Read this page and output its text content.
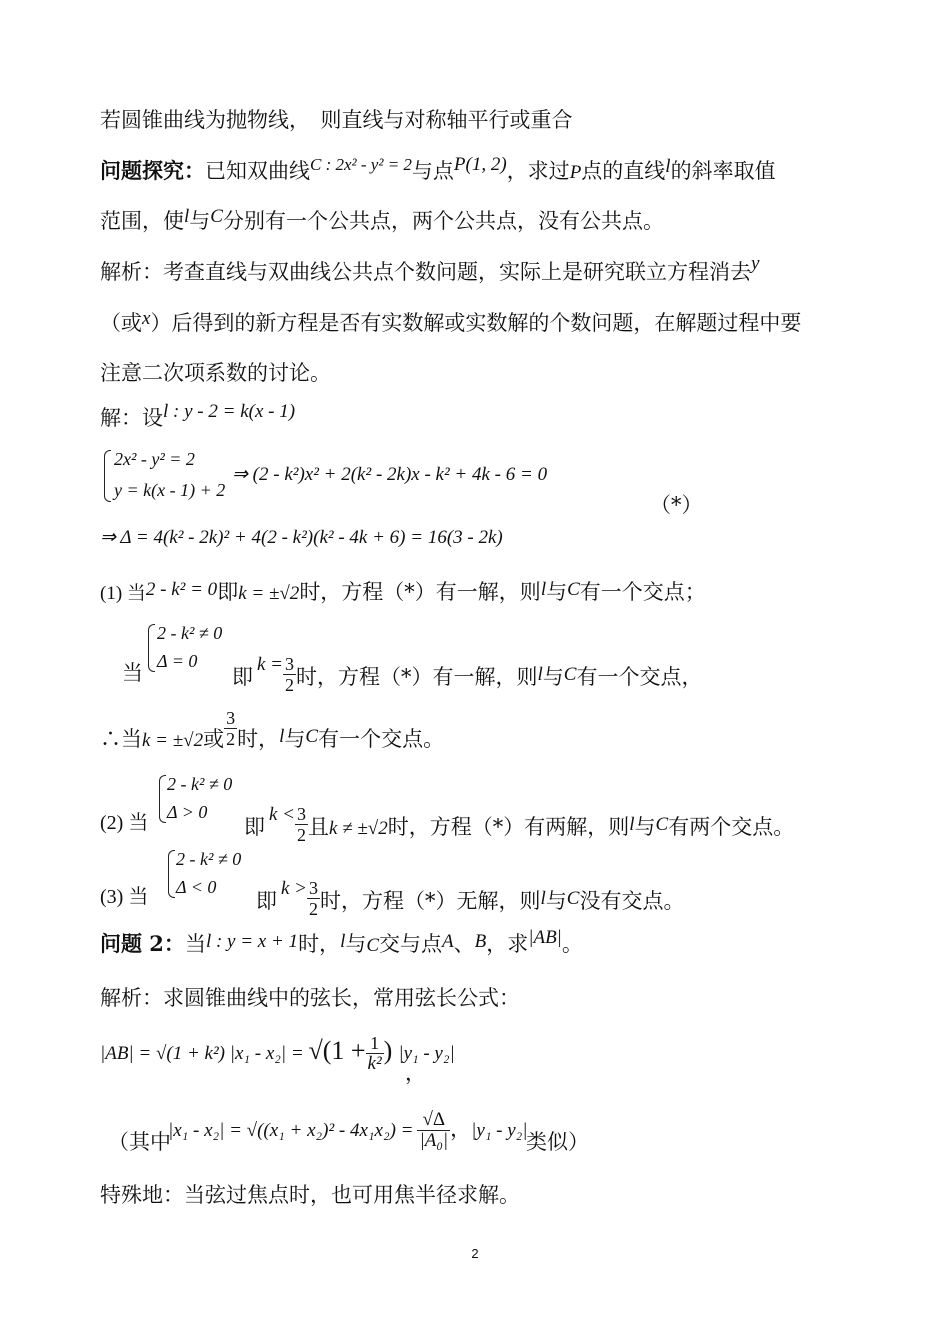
若圆锥曲线为抛物线，　则直线与对称轴平行或重合
问题探究：已知双曲线$^{C : 2x^2 - y^2 = 2}$与点P(1, 2)，求过P点的直线l的斜率取值
范围，使l与C分别有一个公共点，两个公共点，没有公共点。
解析：考查直线与双曲线公共点个数问题，实际上是研究联立方程消去y
（或x）后得到的新方程是否有实数解或实数解的个数问题，在解题过程中要
注意二次项系数的讨论。
解：设l : y - 2 = k(x - 1)
2x² - y² = 2
y = k(x - 1) + 2
⇒ (2 - k²)x² + 2(k² - 2k)x - k² + 4k - 6 = 0
（*）
⇒ Δ = 4(k² - 2k)² + 4(2 - k²)(k² - 4k + 6) = 16(3 - 2k)
(1) 当2 - k² = 0即k = ±√2时，方程（*）有一解，则l与C有一个交点；
2 - k² ≠ 0
Δ = 0
当	即$k = \frac{3}{2}$ 时，方程（*）有一解，则l与C有一个交点，
∴当k = ±√2或 $\frac{3}{2}$ 时，l与C有一个交点。
2 - k² ≠ 0
Δ > 0
(2) 当	即$k < \frac{3}{2}$ 且k ≠ ±√2时，方程（*）有两解，则l与C有两个交点。
2 - k² ≠ 0
Δ < 0
(3) 当	即$k > \frac{3}{2}$ 时，方程（*）无解，则l与C没有交点。
问题 2：当l : y = x + 1时，l与C交与点A、B，求|AB|。
解析：求圆锥曲线中的弦长，常用弦长公式：
|AB| = √(1 + k²) $|x_1 - x_2| = √(1 + \frac{1}{\text{k²}}$ ) |y₁ - y₂|
，
（其中
$|x_1 - x_2| = √((x_1 + x_2)^2 - 4x_1x_2) = \frac{√\Delta}{\text{|A₀|}}$ ，|y₁ - y₂|
类似）
特殊地：当弦过焦点时，也可用焦半径求解。
2
